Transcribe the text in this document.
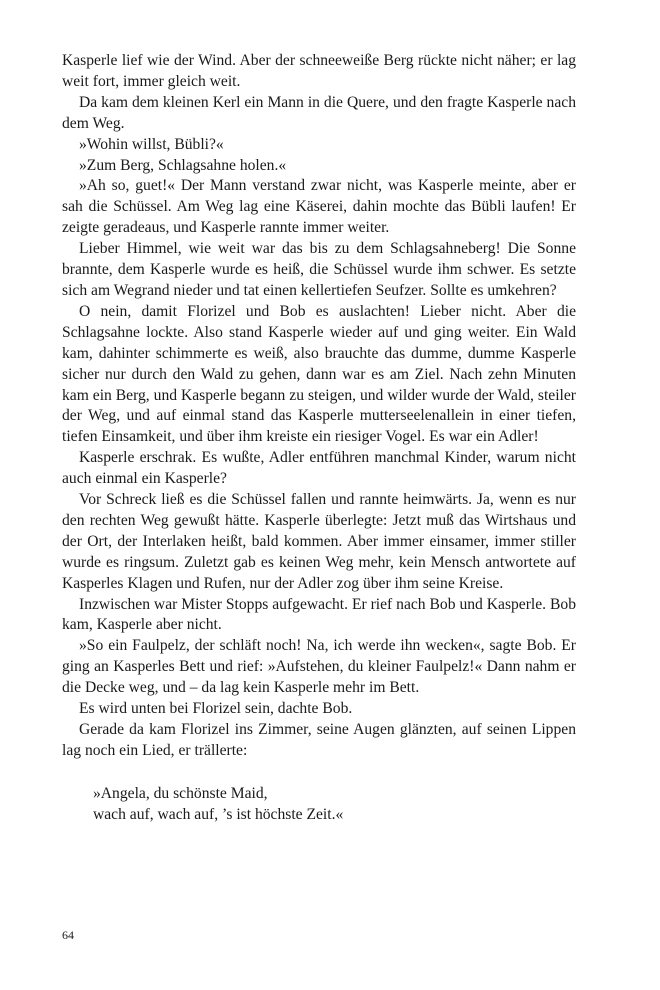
Kasperle lief wie der Wind. Aber der schneeweiße Berg rückte nicht näher; er lag weit fort, immer gleich weit.

Da kam dem kleinen Kerl ein Mann in die Quere, und den fragte Kasperle nach dem Weg.

»Wohin willst, Bübli?«

»Zum Berg, Schlagsahne holen.«

»Ah so, guet!« Der Mann verstand zwar nicht, was Kasperle meinte, aber er sah die Schüssel. Am Weg lag eine Käserei, dahin mochte das Bübli laufen! Er zeigte geradeaus, und Kasperle rannte immer weiter.

Lieber Himmel, wie weit war das bis zu dem Schlagsahneberg! Die Sonne brannte, dem Kasperle wurde es heiß, die Schüssel wurde ihm schwer. Es setzte sich am Wegrand nieder und tat einen kellertiefen Seufzer. Sollte es umkehren?

O nein, damit Florizel und Bob es auslachten! Lieber nicht. Aber die Schlagsahne lockte. Also stand Kasperle wieder auf und ging weiter. Ein Wald kam, dahinter schimmerte es weiß, also brauchte das dumme, dumme Kasperle sicher nur durch den Wald zu gehen, dann war es am Ziel. Nach zehn Minuten kam ein Berg, und Kasperle begann zu steigen, und wilder wurde der Wald, steiler der Weg, und auf einmal stand das Kasperle mutterseelenallein in einer tiefen, tiefen Einsamkeit, und über ihm kreiste ein riesiger Vogel. Es war ein Adler!

Kasperle erschrak. Es wußte, Adler entführen manchmal Kinder, warum nicht auch einmal ein Kasperle?

Vor Schreck ließ es die Schüssel fallen und rannte heimwärts. Ja, wenn es nur den rechten Weg gewußt hätte. Kasperle überlegte: Jetzt muß das Wirtshaus und der Ort, der Interlaken heißt, bald kommen. Aber immer einsamer, immer stiller wurde es ringsum. Zuletzt gab es keinen Weg mehr, kein Mensch antwortete auf Kasperles Klagen und Rufen, nur der Adler zog über ihm seine Kreise.

Inzwischen war Mister Stopps aufgewacht. Er rief nach Bob und Kasperle. Bob kam, Kasperle aber nicht.

»So ein Faulpelz, der schläft noch! Na, ich werde ihn wecken«, sagte Bob. Er ging an Kasperles Bett und rief: »Aufstehen, du kleiner Faulpelz!« Dann nahm er die Decke weg, und – da lag kein Kasperle mehr im Bett.

Es wird unten bei Florizel sein, dachte Bob.

Gerade da kam Florizel ins Zimmer, seine Augen glänzten, auf seinen Lippen lag noch ein Lied, er trällerte:

»Angela, du schönste Maid,
wach auf, wach auf, ’s ist höchste Zeit.«
64
